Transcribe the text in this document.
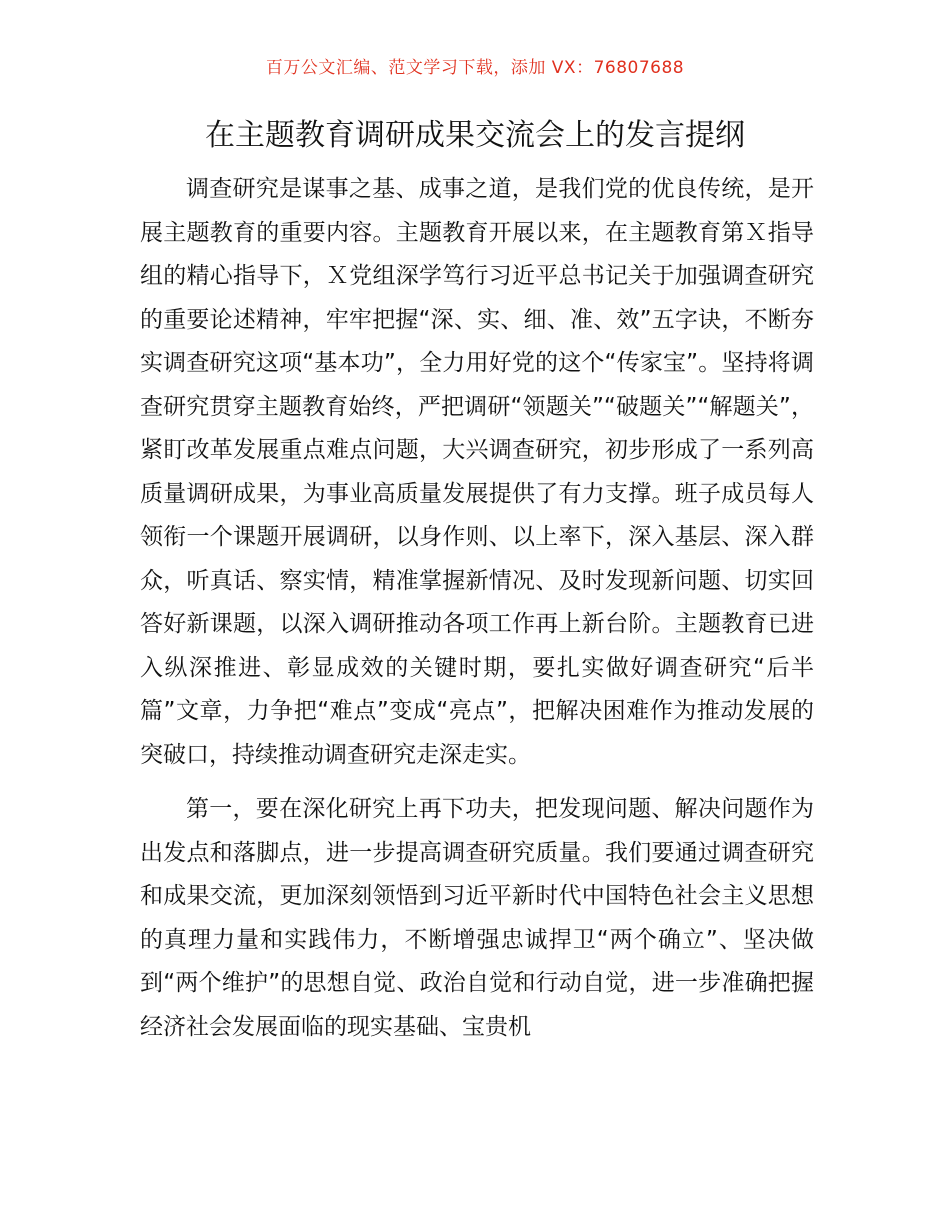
百万公文汇编、范文学习下载，添加 VX：76807688
在主题教育调研成果交流会上的发言提纲

调查研究是谋事之基、成事之道，是我们党的优良传统，是开展主题教育的重要内容。主题教育开展以来，在主题教育第Ｘ指导组的精心指导下，Ｘ党组深学笃行习近平总书记关于加强调查研究的重要论述精神，牢牢把握“深、实、细、准、效”五字诀，不断夯实调查研究这项“基本功”，全力用好党的这个“传家宝”。坚持将调查研究贯穿主题教育始终，严把调研“领题关”“破题关”“解题关”，紧盯改革发展重点难点问题，大兴调查研究，初步形成了一系列高质量调研成果，为事业高质量发展提供了有力支撑。班子成员每人领衔一个课题开展调研，以身作则、以上率下，深入基层、深入群众，听真话、察实情，精准掌握新情况、及时发现新问题、切实回答好新课题，以深入调研推动各项工作再上新台阶。主题教育已进入纵深推进、彰显成效的关键时期，要扎实做好调查研究“后半篇”文章，力争把“难点”变成“亮点”，把解决困难作为推动发展的突破口，持续推动调查研究走深走实。

第一，要在深化研究上再下功夫，把发现问题、解决问题作为出发点和落脚点，进一步提高调查研究质量。我们要通过调查研究和成果交流，更加深刻领悟到习近平新时代中国特色社会主义思想的真理力量和实践伟力，不断增强忠诚捍卫“两个确立”、坚决做到“两个维护”的思想自觉、政治自觉和行动自觉，进一步准确把握经济社会发展面临的现实基础、宝贵机
